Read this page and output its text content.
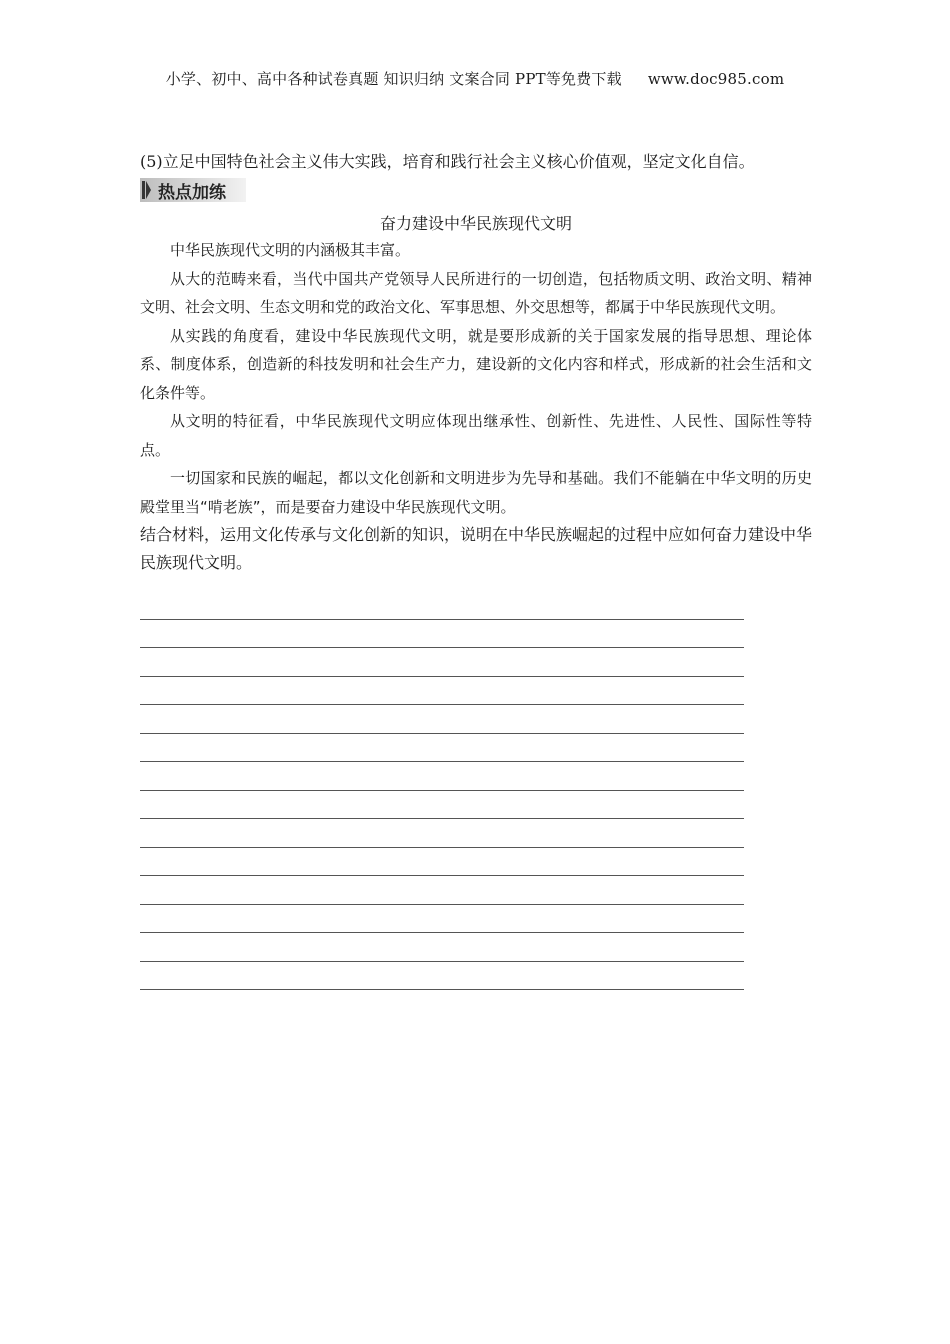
小学、初中、高中各种试卷真题 知识归纳 文案合同 PPT等免费下载 www.doc985.com

(5)立足中国特色社会主义伟大实践，培育和践行社会主义核心价值观，坚定文化自信。

热点加练
奋力建设中华民族现代文明

中华民族现代文明的内涵极其丰富。

从大的范畴来看，当代中国共产党领导人民所进行的一切创造，包括物质文明、政治文明、精神文明、社会文明、生态文明和党的政治文化、军事思想、外交思想等，都属于中华民族现代文明。

从实践的角度看，建设中华民族现代文明，就是要形成新的关于国家发展的指导思想、理论体系、制度体系，创造新的科技发明和社会生产力，建设新的文化内容和样式，形成新的社会生活和文化条件等。

从文明的特征看，中华民族现代文明应体现出继承性、创新性、先进性、人民性、国际性等特点。

一切国家和民族的崛起，都以文化创新和文明进步为先导和基础。我们不能躺在中华文明的历史殿堂里当“啃老族”，而是要奋力建设中华民族现代文明。

结合材料，运用文化传承与文化创新的知识，说明在中华民族崛起的过程中应如何奋力建设中华民族现代文明。
